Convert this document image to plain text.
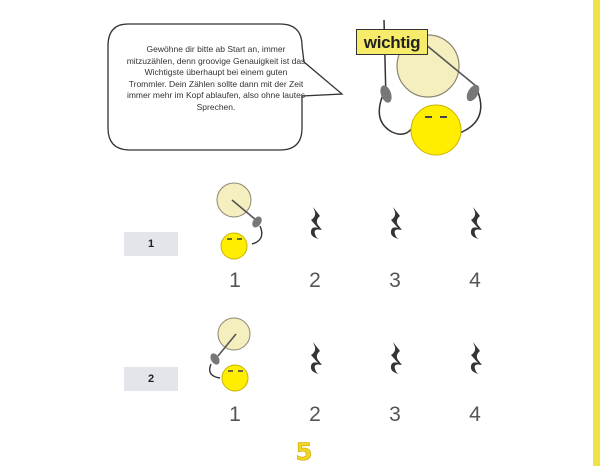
Gewöhne dir bitte ab Start an, immer mitzuzählen, denn groovige Genauigkeit ist das Wichtigste überhaupt bei einem guten Trommler. Dein Zählen sollte dann mit der Zeit immer mehr im Kopf ablaufen, also ohne lautes Sprechen.
wichtig
1
1	2	3	4
2
1	2	3	4
5
